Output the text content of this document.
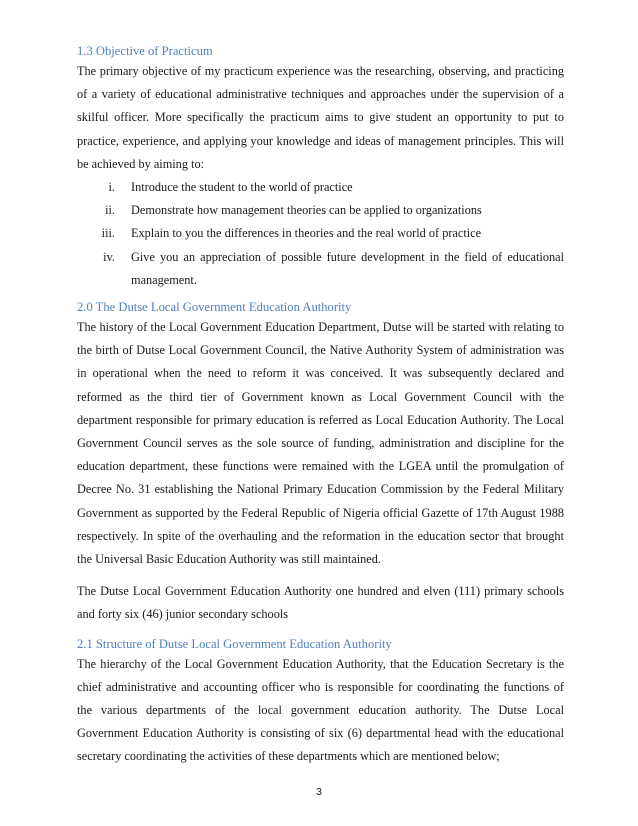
1.3 Objective of Practicum

The primary objective of my practicum experience was the researching, observing, and practicing of a variety of educational administrative techniques and approaches under the supervision of a skilful officer. More specifically the practicum aims to give student an opportunity to put to practice, experience, and applying your knowledge and ideas of management principles. This will be achieved by aiming to:

i.	Introduce the student to the world of practice
ii.	Demonstrate how management theories can be applied to organizations
iii.	Explain to you the differences in theories and the real world of practice
iv.	Give you an appreciation of possible future development in the field of educational management.

2.0 The Dutse Local Government Education Authority

The history of the Local Government Education Department, Dutse will be started with relating to the birth of Dutse Local Government Council, the Native Authority System of administration was in operational when the need to reform it was conceived. It was subsequently declared and reformed as the third tier of Government known as Local Government Council with the department responsible for primary education is referred as Local Education Authority. The Local Government Council serves as the sole source of funding, administration and discipline for the education department, these functions were remained with the LGEA until the promulgation of Decree No. 31 establishing the National Primary Education Commission by the Federal Military Government as supported by the Federal Republic of Nigeria official Gazette of 17th August 1988 respectively. In spite of the overhauling and the reformation in the education sector that brought the Universal Basic Education Authority was still maintained.

The Dutse Local Government Education Authority one hundred and elven (111) primary schools and forty six (46) junior secondary schools

2.1 Structure of Dutse Local Government Education Authority

The hierarchy of the Local Government Education Authority, that the Education Secretary is the chief administrative and accounting officer who is responsible for coordinating the functions of the various departments of the local government education authority. The Dutse Local Government Education Authority is consisting of six (6) departmental head with the educational secretary coordinating the activities of these departments which are mentioned below;

3
